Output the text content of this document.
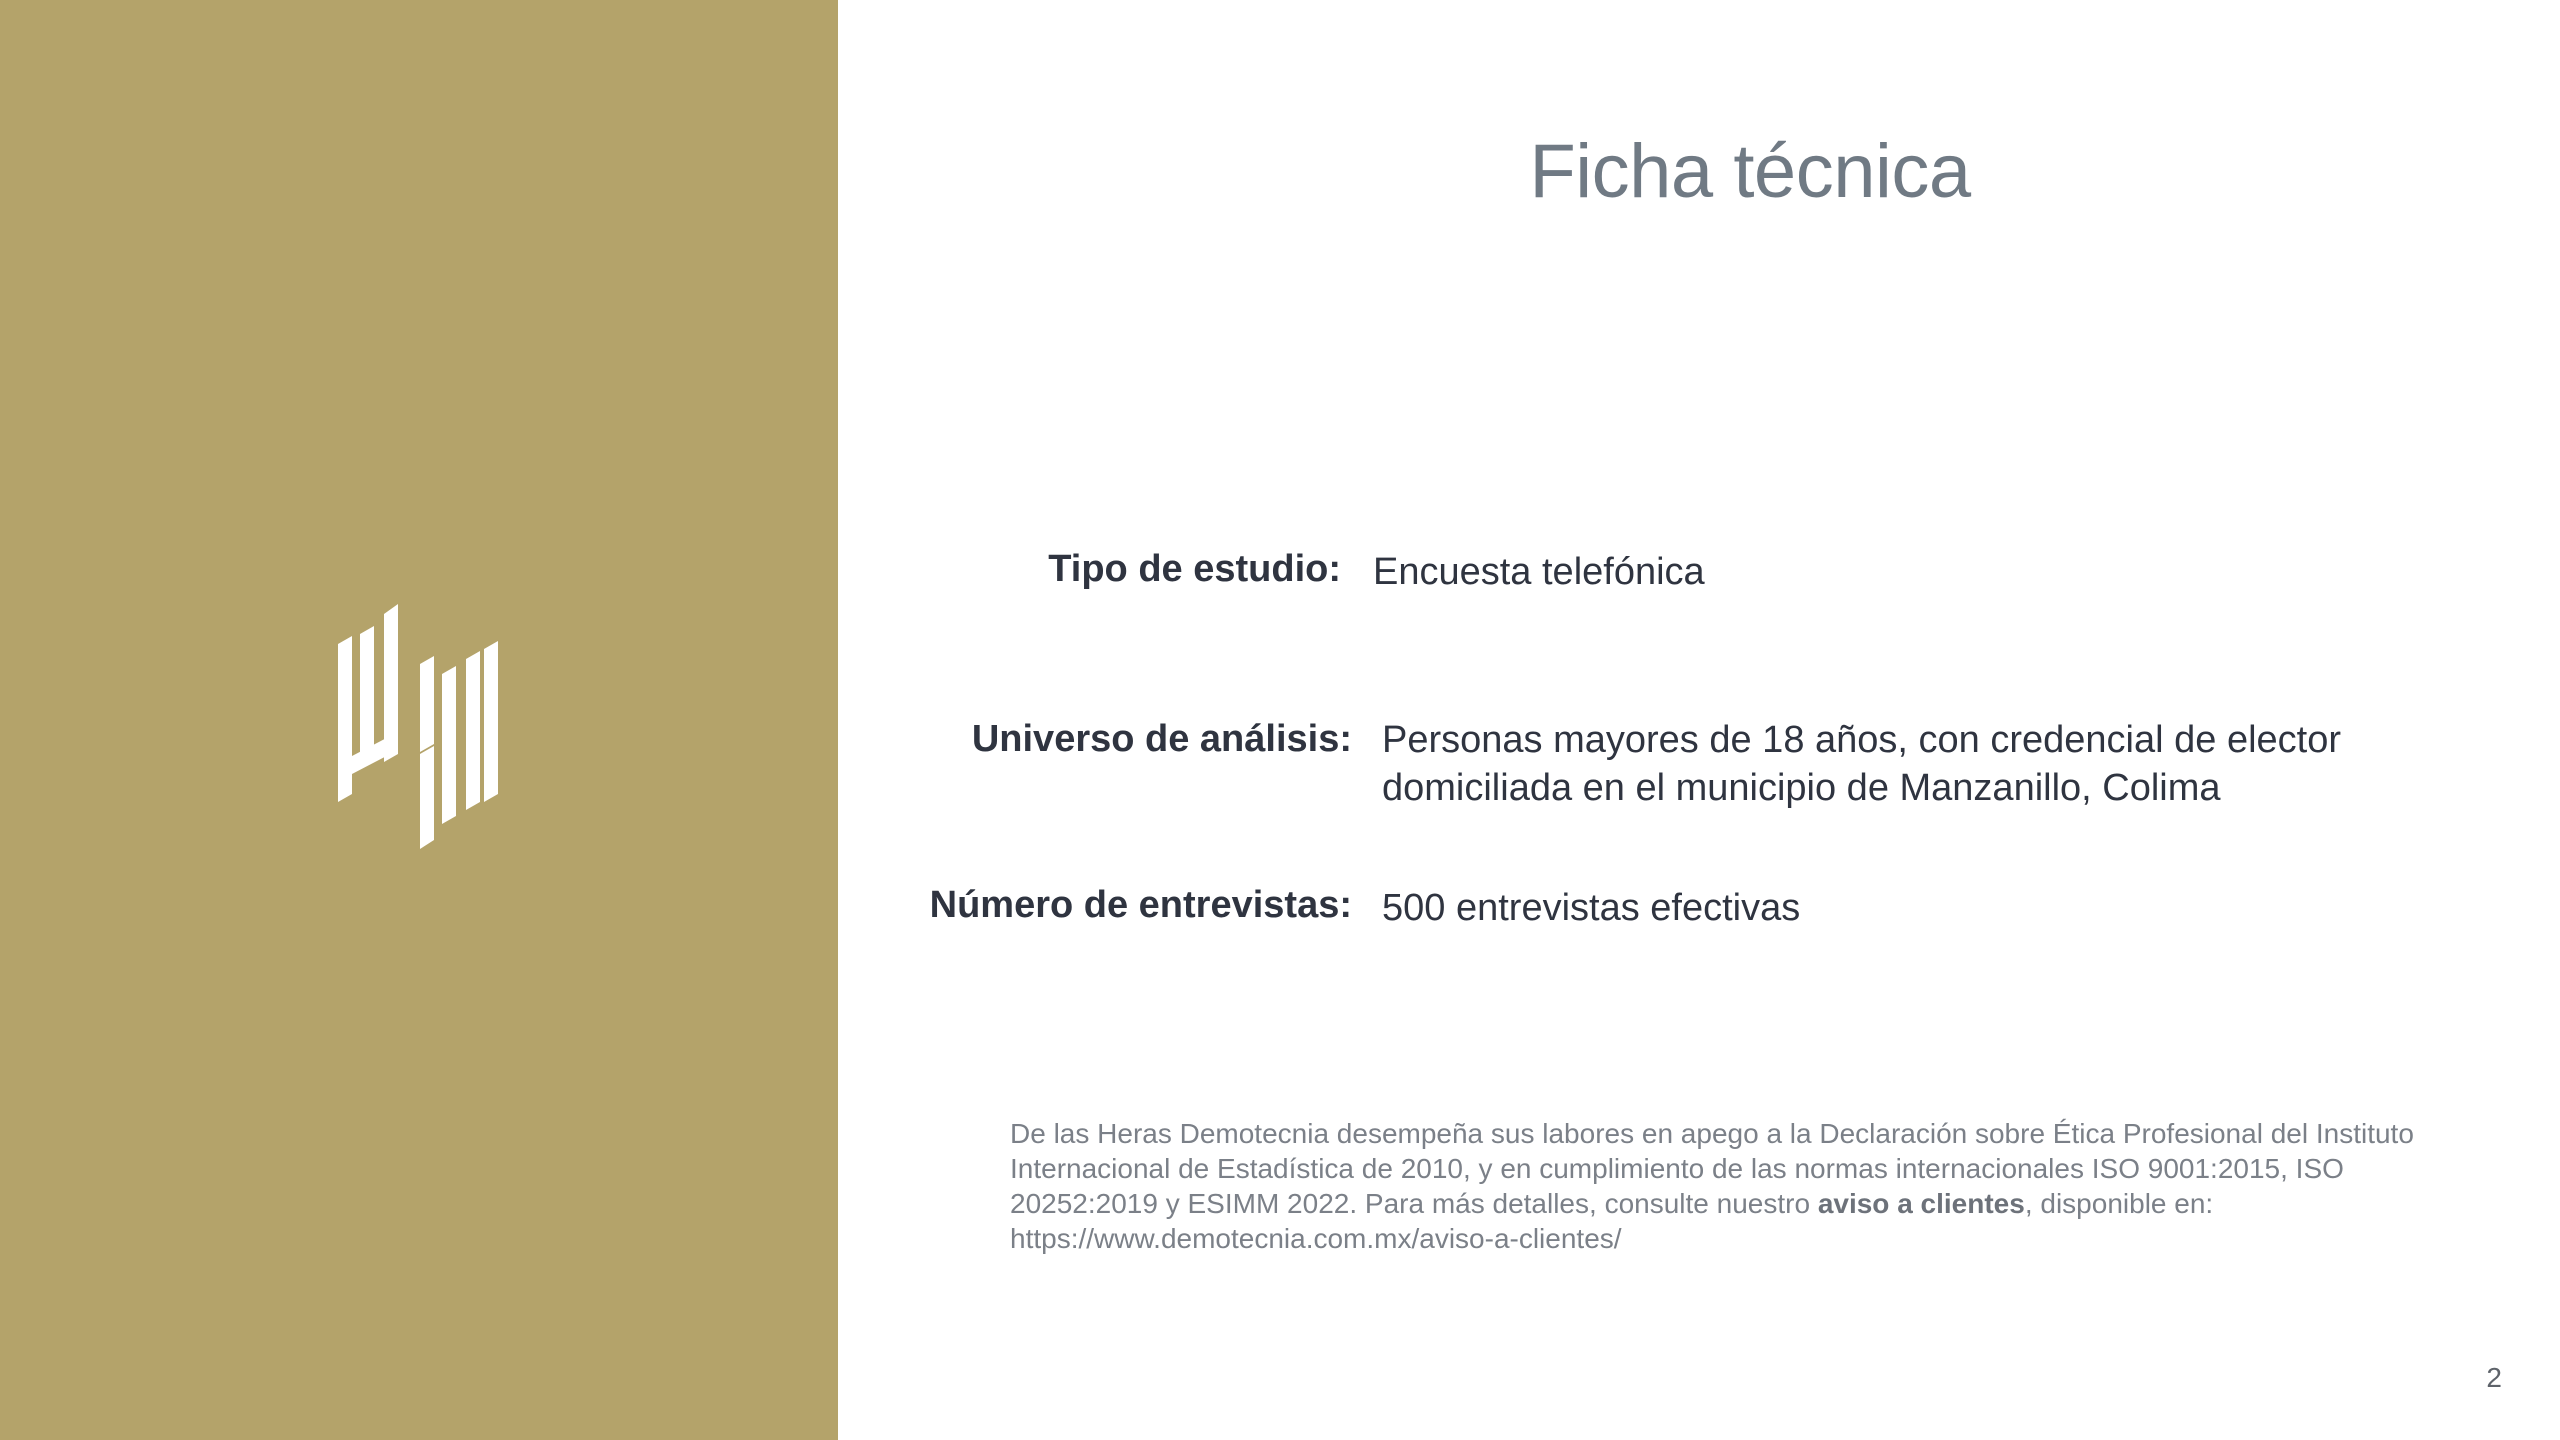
Ficha técnica
Tipo de estudio: Encuesta telefónica
Universo de análisis: Personas mayores de 18 años, con credencial de elector domiciliada en el municipio de Manzanillo, Colima
Número de entrevistas: 500 entrevistas efectivas
De las Heras Demotecnia desempeña sus labores en apego a la Declaración sobre Ética Profesional del Instituto Internacional de Estadística de 2010, y en cumplimiento de las normas internacionales ISO 9001:2015, ISO 20252:2019 y ESIMM 2022. Para más detalles, consulte nuestro aviso a clientes, disponible en: https://www.demotecnia.com.mx/aviso-a-clientes/
2
